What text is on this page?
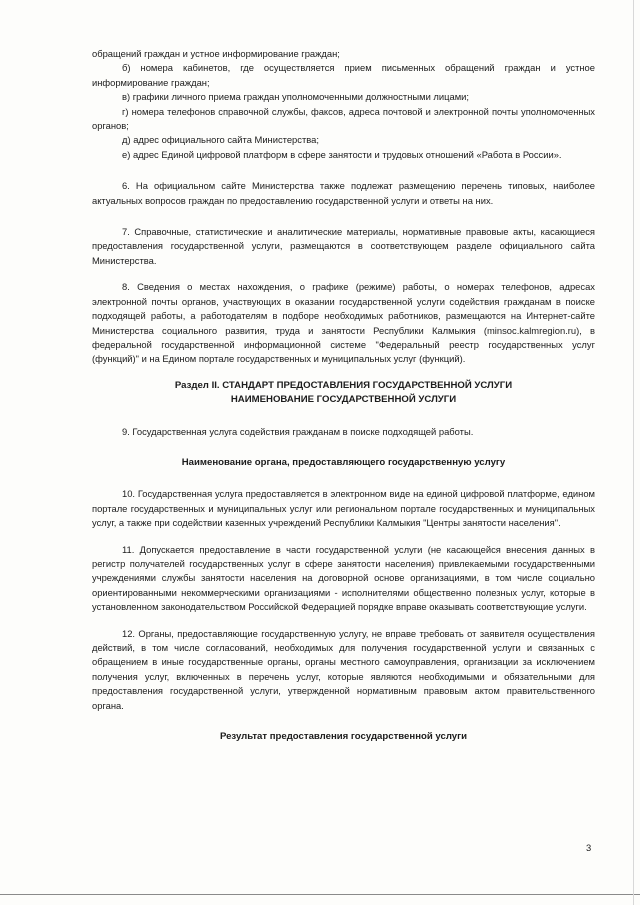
обращений граждан и устное информирование граждан;

б) номера кабинетов, где осуществляется прием письменных обращений граждан и устное информирование граждан;

в) графики личного приема граждан уполномоченными должностными лицами;

г) номера телефонов справочной службы, факсов, адреса почтовой и электронной почты уполномоченных органов;

д) адрес официального сайта Министерства;

е) адрес Единой цифровой платформ в сфере занятости и трудовых отношений «Работа в России».

6. На официальном сайте Министерства также подлежат размещению перечень типовых, наиболее актуальных вопросов граждан по предоставлению государственной услуги и ответы на них.

7. Справочные, статистические и аналитические материалы, нормативные правовые акты, касающиеся предоставления государственной услуги, размещаются в соответствующем разделе официального сайта Министерства.

8. Сведения о местах нахождения, о графике (режиме) работы, о номерах телефонов, адресах электронной почты органов, участвующих в оказании государственной услуги содействия гражданам в поиске подходящей работы, а работодателям в подборе необходимых работников, размещаются на Интернет-сайте Министерства социального развития, труда и занятости Республики Калмыкия (minsoc.kalmregion.ru), в федеральной государственной информационной системе "Федеральный реестр государственных услуг (функций)" и на Едином портале государственных и муниципальных услуг (функций).

Раздел II. СТАНДАРТ ПРЕДОСТАВЛЕНИЯ ГОСУДАРСТВЕННОЙ УСЛУГИ

НАИМЕНОВАНИЕ ГОСУДАРСТВЕННОЙ УСЛУГИ

9. Государственная услуга содействия гражданам в поиске подходящей работы.

Наименование органа, предоставляющего государственную услугу

10. Государственная услуга предоставляется в электронном виде на единой цифровой платформе, едином портале государственных и муниципальных услуг или региональном портале государственных и муниципальных услуг, а также при содействии казенных учреждений Республики Калмыкия "Центры занятости населения".

11. Допускается предоставление в части государственной услуги (не касающейся внесения данных в регистр получателей государственных услуг в сфере занятости населения) привлекаемыми государственными учреждениями службы занятости населения на договорной основе организациями, в том числе социально ориентированными некоммерческими организациями - исполнителями общественно полезных услуг, которые в установленном законодательством Российской Федерацией порядке вправе оказывать соответствующие услуги.

12. Органы, предоставляющие государственную услугу, не вправе требовать от заявителя осуществления действий, в том числе согласований, необходимых для получения государственной услуги и связанных с обращением в иные государственные органы, органы местного самоуправления, организации за исключением получения услуг, включенных в перечень услуг, которые являются необходимыми и обязательными для предоставления государственной услуги, утвержденной нормативным правовым актом правительственного органа.

Результат предоставления государственной услуги

3
